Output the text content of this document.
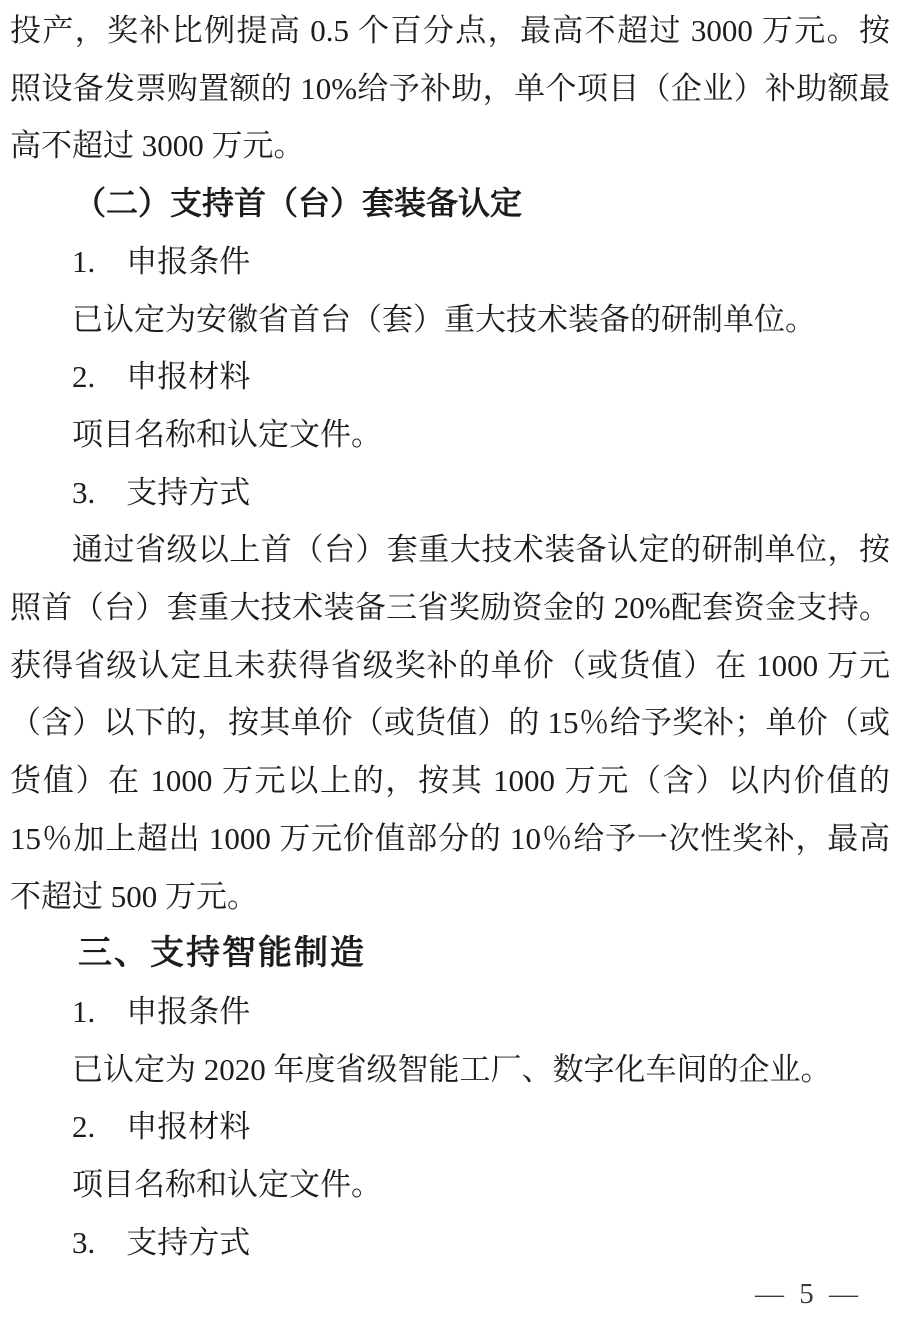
投产，奖补比例提高 0.5 个百分点，最高不超过 3000 万元。按
照设备发票购置额的 10%给予补助，单个项目（企业）补助额最
高不超过 3000 万元。
（二）支持首（台）套装备认定
1.　申报条件
已认定为安徽省首台（套）重大技术装备的研制单位。
2.　申报材料
项目名称和认定文件。
3.　支持方式
通过省级以上首（台）套重大技术装备认定的研制单位，按
照首（台）套重大技术装备三省奖励资金的 20%配套资金支持。
获得省级认定且未获得省级奖补的单价（或货值）在 1000 万元
（含）以下的，按其单价（或货值）的 15％给予奖补；单价（或
货值）在 1000 万元以上的，按其 1000 万元（含）以内价值的
15％加上超出 1000 万元价值部分的 10％给予一次性奖补，最高
不超过 500 万元。
三、支持智能制造
1.　申报条件
已认定为 2020 年度省级智能工厂、数字化车间的企业。
2.　申报材料
项目名称和认定文件。
3.　支持方式
— 5 —
